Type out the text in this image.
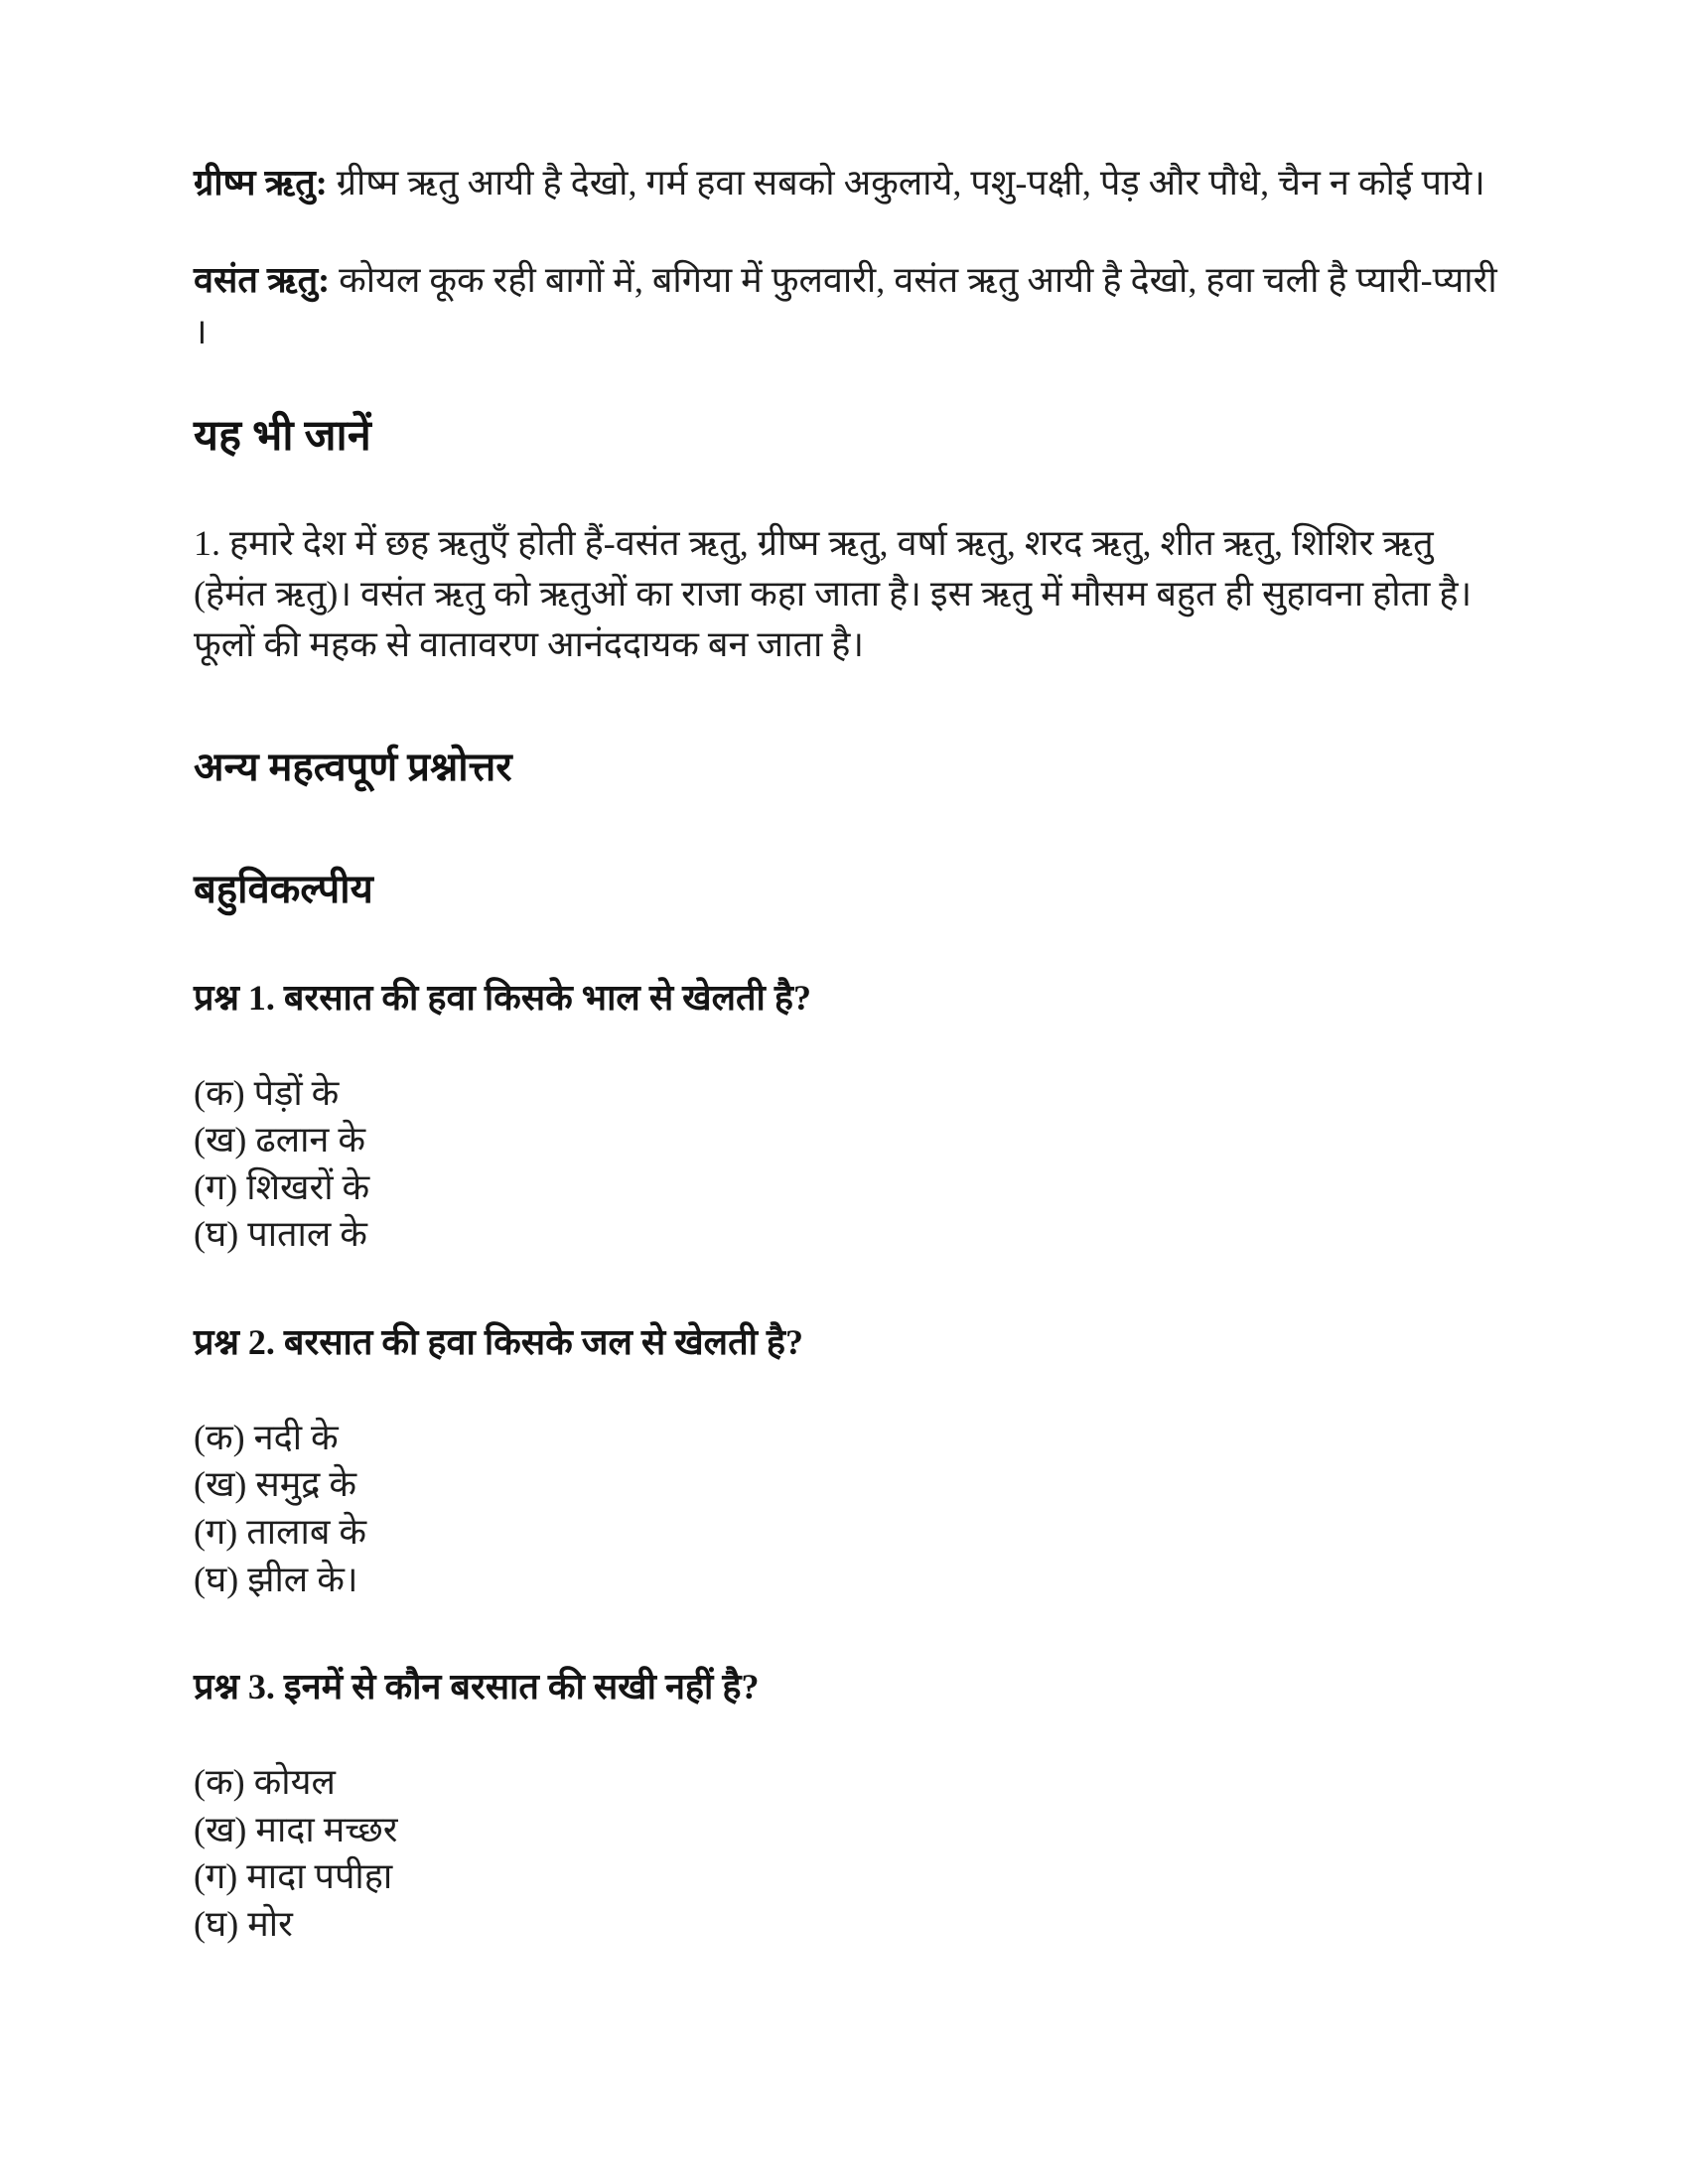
ग्रीष्म ऋतु: ग्रीष्म ऋतु आयी है देखो, गर्म हवा सबको अकुलाये, पशु-पक्षी, पेड़ और पौधे, चैन न कोई पाये।

वसंत ऋतु: कोयल कूक रही बागों में, बगिया में फुलवारी, वसंत ऋतु आयी है देखो, हवा चली है प्यारी-प्यारी ।

यह भी जानें

1. हमारे देश में छह ऋतुएँ होती हैं-वसंत ऋतु, ग्रीष्म ऋतु, वर्षा ऋतु, शरद ऋतु, शीत ऋतु, शिशिर ऋतु (हेमंत ऋतु)। वसंत ऋतु को ऋतुओं का राजा कहा जाता है। इस ऋतु में मौसम बहुत ही सुहावना होता है। फूलों की महक से वातावरण आनंददायक बन जाता है।

अन्य महत्वपूर्ण प्रश्नोत्तर
बहुविकल्पीय
प्रश्न 1. बरसात की हवा किसके भाल से खेलती है?
(क) पेड़ों के
(ख) ढलान के
(ग) शिखरों के
(घ) पाताल के
प्रश्न 2. बरसात की हवा किसके जल से खेलती है?
(क) नदी के
(ख) समुद्र के
(ग) तालाब के
(घ) झील के।
प्रश्न 3. इनमें से कौन बरसात की सखी नहीं है?
(क) कोयल
(ख) मादा मच्छर
(ग) मादा पपीहा
(घ) मोर
